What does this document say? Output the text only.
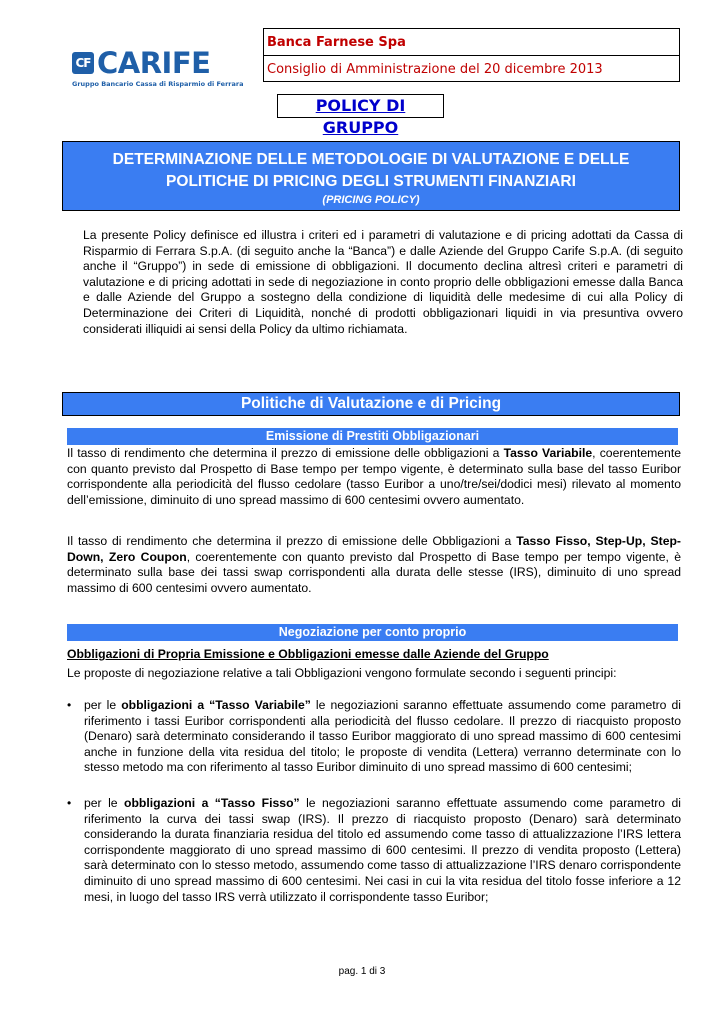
CF CARIFE
Gruppo Bancario Cassa di Risparmio di Ferrara
Banca Farnese Spa
Consiglio di Amministrazione del 20 dicembre 2013
POLICY DI GRUPPO
DETERMINAZIONE DELLE METODOLOGIE DI VALUTAZIONE E DELLE
POLITICHE DI PRICING DEGLI STRUMENTI FINANZIARI
(PRICING POLICY)
La presente Policy definisce ed illustra i criteri ed i parametri di valutazione e di pricing adottati da Cassa di Risparmio di Ferrara S.p.A. (di seguito anche la “Banca”) e dalle Aziende del Gruppo Carife S.p.A. (di seguito anche il “Gruppo”) in sede di emissione di obbligazioni. Il documento declina altresì criteri e parametri di valutazione e di pricing adottati in sede di negoziazione in conto proprio delle obbligazioni emesse dalla Banca e dalle Aziende del Gruppo a sostegno della condizione di liquidità delle medesime di cui alla Policy di Determinazione dei Criteri di Liquidità, nonché di prodotti obbligazionari liquidi in via presuntiva ovvero considerati illiquidi ai sensi della Policy da ultimo richiamata.
Politiche di Valutazione e di Pricing
Emissione di Prestiti Obbligazionari
Il tasso di rendimento che determina il prezzo di emissione delle obbligazioni a Tasso Variabile, coerentemente con quanto previsto dal Prospetto di Base tempo per tempo vigente, è determinato sulla base del tasso Euribor corrispondente alla periodicità del flusso cedolare (tasso Euribor a uno/tre/sei/dodici mesi) rilevato al momento dell’emissione, diminuito di uno spread massimo di 600 centesimi ovvero aumentato.
Il tasso di rendimento che determina il prezzo di emissione delle Obbligazioni a Tasso Fisso, Step-Up, Step-Down, Zero Coupon, coerentemente con quanto previsto dal Prospetto di Base tempo per tempo vigente, è determinato sulla base dei tassi swap corrispondenti alla durata delle stesse (IRS), diminuito di uno spread massimo di 600 centesimi ovvero aumentato.
Negoziazione per conto proprio
Obbligazioni di Propria Emissione e Obbligazioni emesse dalle Aziende del Gruppo
Le proposte di negoziazione relative a tali Obbligazioni vengono formulate secondo i seguenti principi:
• per le obbligazioni a “Tasso Variabile” le negoziazioni saranno effettuate assumendo come parametro di riferimento i tassi Euribor corrispondenti alla periodicità del flusso cedolare. Il prezzo di riacquisto proposto (Denaro) sarà determinato considerando il tasso Euribor maggiorato di uno spread massimo di 600 centesimi anche in funzione della vita residua del titolo; le proposte di vendita (Lettera) verranno determinate con lo stesso metodo ma con riferimento al tasso Euribor diminuito di uno spread massimo di 600 centesimi;
• per le obbligazioni a “Tasso Fisso” le negoziazioni saranno effettuate assumendo come parametro di riferimento la curva dei tassi swap (IRS). Il prezzo di riacquisto proposto (Denaro) sarà determinato considerando la durata finanziaria residua del titolo ed assumendo come tasso di attualizzazione l’IRS lettera corrispondente maggiorato di uno spread massimo di 600 centesimi. Il prezzo di vendita proposto (Lettera) sarà determinato con lo stesso metodo, assumendo come tasso di attualizzazione l’IRS denaro corrispondente diminuito di uno spread massimo di 600 centesimi. Nei casi in cui la vita residua del titolo fosse inferiore a 12 mesi, in luogo del tasso IRS verrà utilizzato il corrispondente tasso Euribor;
pag. 1 di 3
